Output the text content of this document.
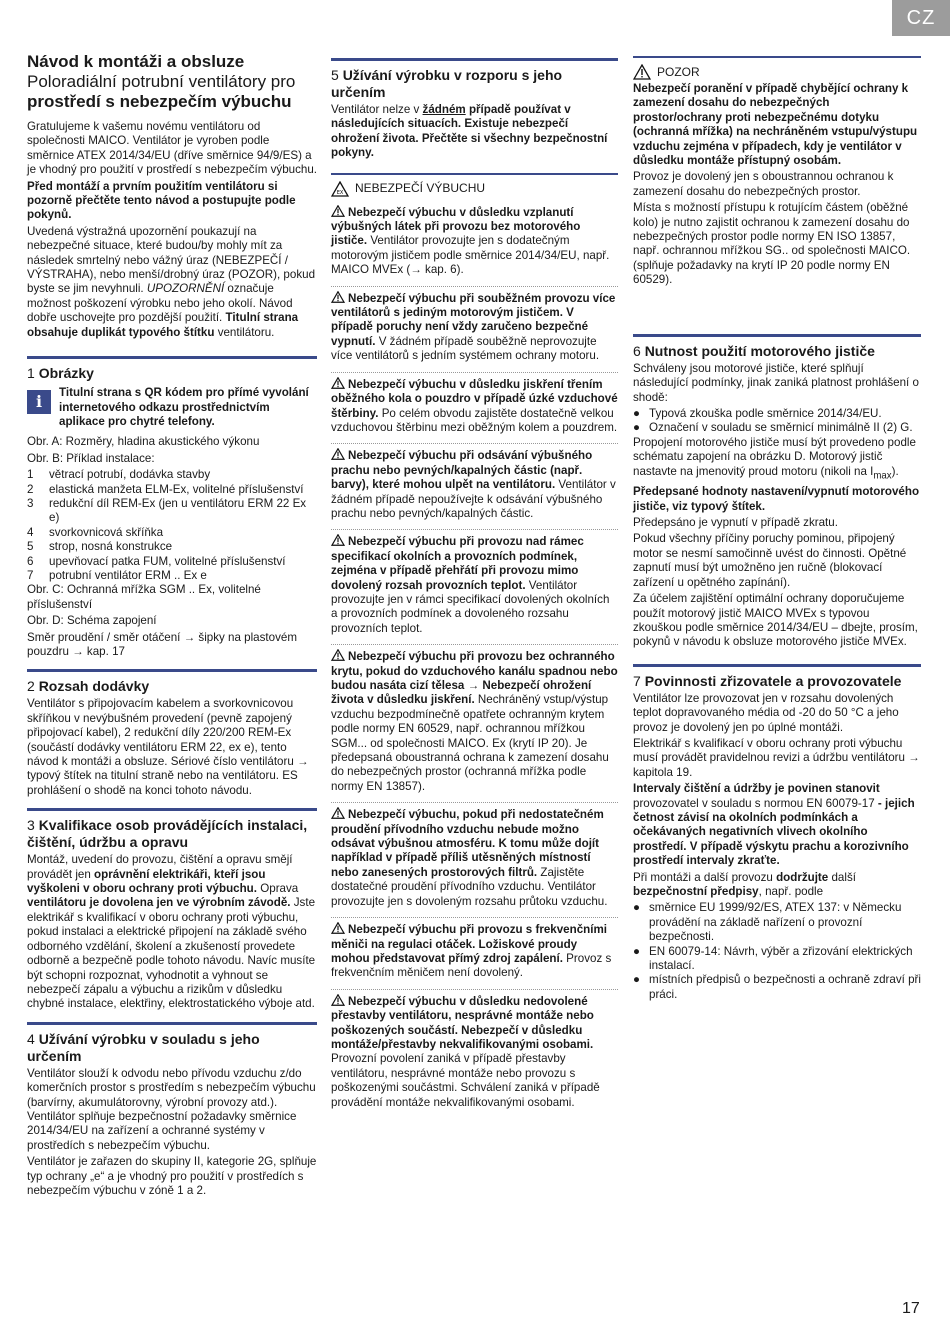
CZ
Návod k montáži a obsluze
Poloradiální potrubní ventilátory pro
prostředí s nebezpečím výbuchu

Gratulujeme k vašemu novému ventilátoru od společnosti MAICO. Ventilátor je vyroben podle směrnice ATEX 2014/34/EU (dříve směrnice 94/9/ES) a je vhodný pro použití v prostředí s nebezpečím výbuchu.

Před montáží a prvním použitím ventilátoru si pozorně přečtěte tento návod a postupujte podle pokynů.

Uvedená výstražná upozornění poukazují na nebezpečné situace, které budou/by mohly mít za následek smrtelný nebo vážný úraz (NEBEZPEČÍ / VÝSTRAHA), nebo menší/drobný úraz (POZOR), pokud byste se jim nevyhnuli. UPOZORNĚNÍ označuje možnost poškození výrobku nebo jeho okolí. Návod dobře uschovejte pro pozdější použití. Titulní strana obsahuje duplikát typového štítku ventilátoru.

1 Obrázky
i	Titulní strana s QR kódem pro přímé vyvolání internetového odkazu prostřednictvím aplikace pro chytré telefony.

Obr. A: Rozměry, hladina akustického výkonu

Obr. B: Příklad instalace:

1	větrací potrubí, dodávka stavby
2	elastická manžeta ELM-Ex, volitelné příslušenství
3	redukční díl REM-Ex (jen u ventilátoru ERM 22 Ex e)
4	svorkovnicová skříňka
5	strop, nosná konstrukce
6	upevňovací patka FUM, volitelné příslušenství
7	potrubní ventilátor ERM .. Ex e

Obr. C: Ochranná mřížka SGM .. Ex, volitelné příslušenství

Obr. D: Schéma zapojení

Směr proudění / směr otáčení → šipky na plastovém pouzdru → kap. 17

2 Rozsah dodávky

Ventilátor s připojovacím kabelem a svorkovnicovou skříňkou v nevýbušném provedení (pevně zapojený připojovací kabel), 2 redukční díly 220/200 REM-Ex (součástí dodávky ventilátoru ERM 22, ex e), tento návod k montáži a obsluze. Sériové číslo ventilátoru → typový štítek na titulní straně nebo na ventilátoru. ES prohlášení o shodě na konci tohoto návodu.

3 Kvalifikace osob provádějících instalaci, čištění, údržbu a opravu

Montáž, uvedení do provozu, čištění a opravu smějí provádět jen oprávnění elektrikáři, kteří jsou vyškoleni v oboru ochrany proti výbuchu. Oprava ventilátoru je dovolena jen ve výrobním závodě. Jste elektrikář s kvalifikací v oboru ochrany proti výbuchu, pokud instalaci a elektrické připojení na základě svého odborného vzdělání, školení a zkušeností provedete odborně a bezpečně podle tohoto návodu. Navíc musíte být schopni rozpoznat, vyhodnotit a vyhnout se nebezpečí zápalu a výbuchu a rizikům v důsledku chybné instalace, elektřiny, elektrostatického výboje atd.

4 Užívání výrobku v souladu s jeho určením

Ventilátor slouží k odvodu nebo přívodu vzduchu z/do komerčních prostor s prostředím s nebezpečím výbuchu (barvírny, akumulátorovny, výrobní provozy atd.). Ventilátor splňuje bezpečnostní požadavky směrnice 2014/34/EU na zařízení a ochranné systémy v prostředích s nebezpečím výbuchu.

Ventilátor je zařazen do skupiny II, kategorie 2G, splňuje typ ochrany „e“ a je vhodný pro použití v prostředích s nebezpečím výbuchu v zóně 1 a 2.

5 Užívání výrobku v rozporu s jeho určením

Ventilátor nelze v žádném případě používat v následujících situacích. Existuje nebezpečí ohrožení života. Přečtěte si všechny bezpečnostní pokyny.

EX NEBEZPEČÍ VÝBUCHU

Nebezpečí výbuchu v důsledku vzplanutí výbušných látek při provozu bez motorového jističe. Ventilátor provozujte jen s dodatečným motorovým jističem podle směrnice 2014/34/EU, např. MAICO MVEx (→ kap. 6).

Nebezpečí výbuchu při souběžném provozu více ventilátorů s jediným motorovým jističem. V případě poruchy není vždy zaručeno bezpečné vypnutí. V žádném případě souběžně neprovozujte více ventilátorů s jedním systémem ochrany motoru.

Nebezpečí výbuchu v důsledku jiskření třením oběžného kola o pouzdro v případě úzké vzduchové štěrbiny. Po celém obvodu zajistěte dostatečně velkou vzduchovou štěrbinu mezi oběžným kolem a pouzdrem.

Nebezpečí výbuchu při odsávání výbušného prachu nebo pevných/kapalných částic (např. barvy), které mohou ulpět na ventilátoru. Ventilátor v žádném případě nepoužívejte k odsávání výbušného prachu nebo pevných/kapalných částic.

Nebezpečí výbuchu při provozu nad rámec specifikací okolních a provozních podmínek, zejména v případě přehřátí při provozu mimo dovolený rozsah provozních teplot. Ventilátor provozujte jen v rámci specifikací dovolených okolních a provozních podmínek a dovoleného rozsahu provozních teplot.

Nebezpečí výbuchu při provozu bez ochranného krytu, pokud do vzduchového kanálu spadnou nebo budou nasáta cizí tělesa → Nebezpečí ohrožení života v důsledku jiskření. Nechráněný vstup/výstup vzduchu bezpodmínečně opatřete ochranným krytem podle normy EN 60529, např. ochrannou mřížkou SGM... od společnosti MAICO. Ex (krytí IP 20). Je předepsaná oboustranná ochrana k zamezení dosahu do nebezpečných prostor (ochranná mřížka podle normy EN 13857).

Nebezpečí výbuchu, pokud při nedostatečném proudění přívodního vzduchu nebude možno odsávat výbušnou atmosféru. K tomu může dojít například v případě příliš utěsněných místností nebo zanesených prostorových filtrů. Zajistěte dostatečné proudění přívodního vzduchu. Ventilátor provozujte jen s dovoleným rozsahu průtoku vzduchu.

Nebezpečí výbuchu při provozu s frekvenčními měniči na regulaci otáček. Ložiskové proudy mohou představovat přímý zdroj zapálení. Provoz s frekvenčním měničem není dovolený.

Nebezpečí výbuchu v důsledku nedovolené přestavby ventilátoru, nesprávné montáže nebo poškozených součástí. Nebezpečí v důsledku montáže/přestavby nekvalifikovanými osobami. Provozní povolení zaniká v případě přestavby ventilátoru, nesprávné montáže nebo provozu s poškozenými součástmi. Schválení zaniká v případě provádění montáže nekvalifikovanými osobami.

POZOR

Nebezpečí poranění v případě chybějící ochrany k zamezení dosahu do nebezpečných prostor/ochrany proti nebezpečnému dotyku (ochranná mřížka) na nechráněném vstupu/výstupu vzduchu zejména v případech, kdy je ventilátor v důsledku montáže přístupný osobám.

Provoz je dovolený jen s oboustrannou ochranou k zamezení dosahu do nebezpečných prostor.

Místa s možností přístupu k rotujícím částem (oběžné kolo) je nutno zajistit ochranou k zamezení dosahu do nebezpečných prostor podle normy EN ISO 13857, např. ochrannou mřížkou SG.. od společnosti MAICO. (splňuje požadavky na krytí IP 20 podle normy EN 60529).

6 Nutnost použití motorového jističe

Schváleny jsou motorové jističe, které splňují následující podmínky, jinak zaniká platnost prohlášení o shodě:

● Typová zkouška podle směrnice 2014/34/EU.
● Označení v souladu se směrnicí minimálně II (2) G.

Propojení motorového jističe musí být provedeno podle schématu zapojení na obrázku D. Motorový jistič nastavte na jmenovitý proud motoru (nikoli na $I_{max}$).

Předepsané hodnoty nastavení/vypnutí motorového jističe, viz typový štítek.

Předepsáno je vypnutí v případě zkratu.

Pokud všechny příčiny poruchy pominou, připojený motor se nesmí samočinně uvést do činnosti. Opětné zapnutí musí být umožněno jen ručně (blokovací zařízení u opětného zapínání).

Za účelem zajištění optimální ochrany doporučujeme použít motorový jistič MAICO MVEx s typovou zkouškou podle směrnice 2014/34/EU – dbejte, prosím, pokynů v návodu k obsluze motorového jističe MVEx.

7 Povinnosti zřizovatele a provozovatele

Ventilátor lze provozovat jen v rozsahu dovolených teplot dopravovaného média od -20 do 50 °C a jeho provoz je dovolený jen po úplné montáži.

Elektrikář s kvalifikací v oboru ochrany proti výbuchu musí provádět pravidelnou revizi a údržbu ventilátoru → kapitola 19.

Intervaly čištění a údržby je povinen stanovit provozovatel v souladu s normou EN 60079-17 - jejich četnost závisí na okolních podmínkách a očekávaných negativních vlivech okolního prostředí. V případě výskytu prachu a korozivního prostředí intervaly zkraťte.

Při montáži a další provozu dodržujte další bezpečnostní předpisy, např. podle

● směrnice EU 1999/92/ES, ATEX 137: v Německu provádění na základě nařízení o provozní bezpečnosti.
● EN 60079-14: Návrh, výběr a zřizování elektrických instalací.
● místních předpisů o bezpečnosti a ochraně zdraví při práci.
17
